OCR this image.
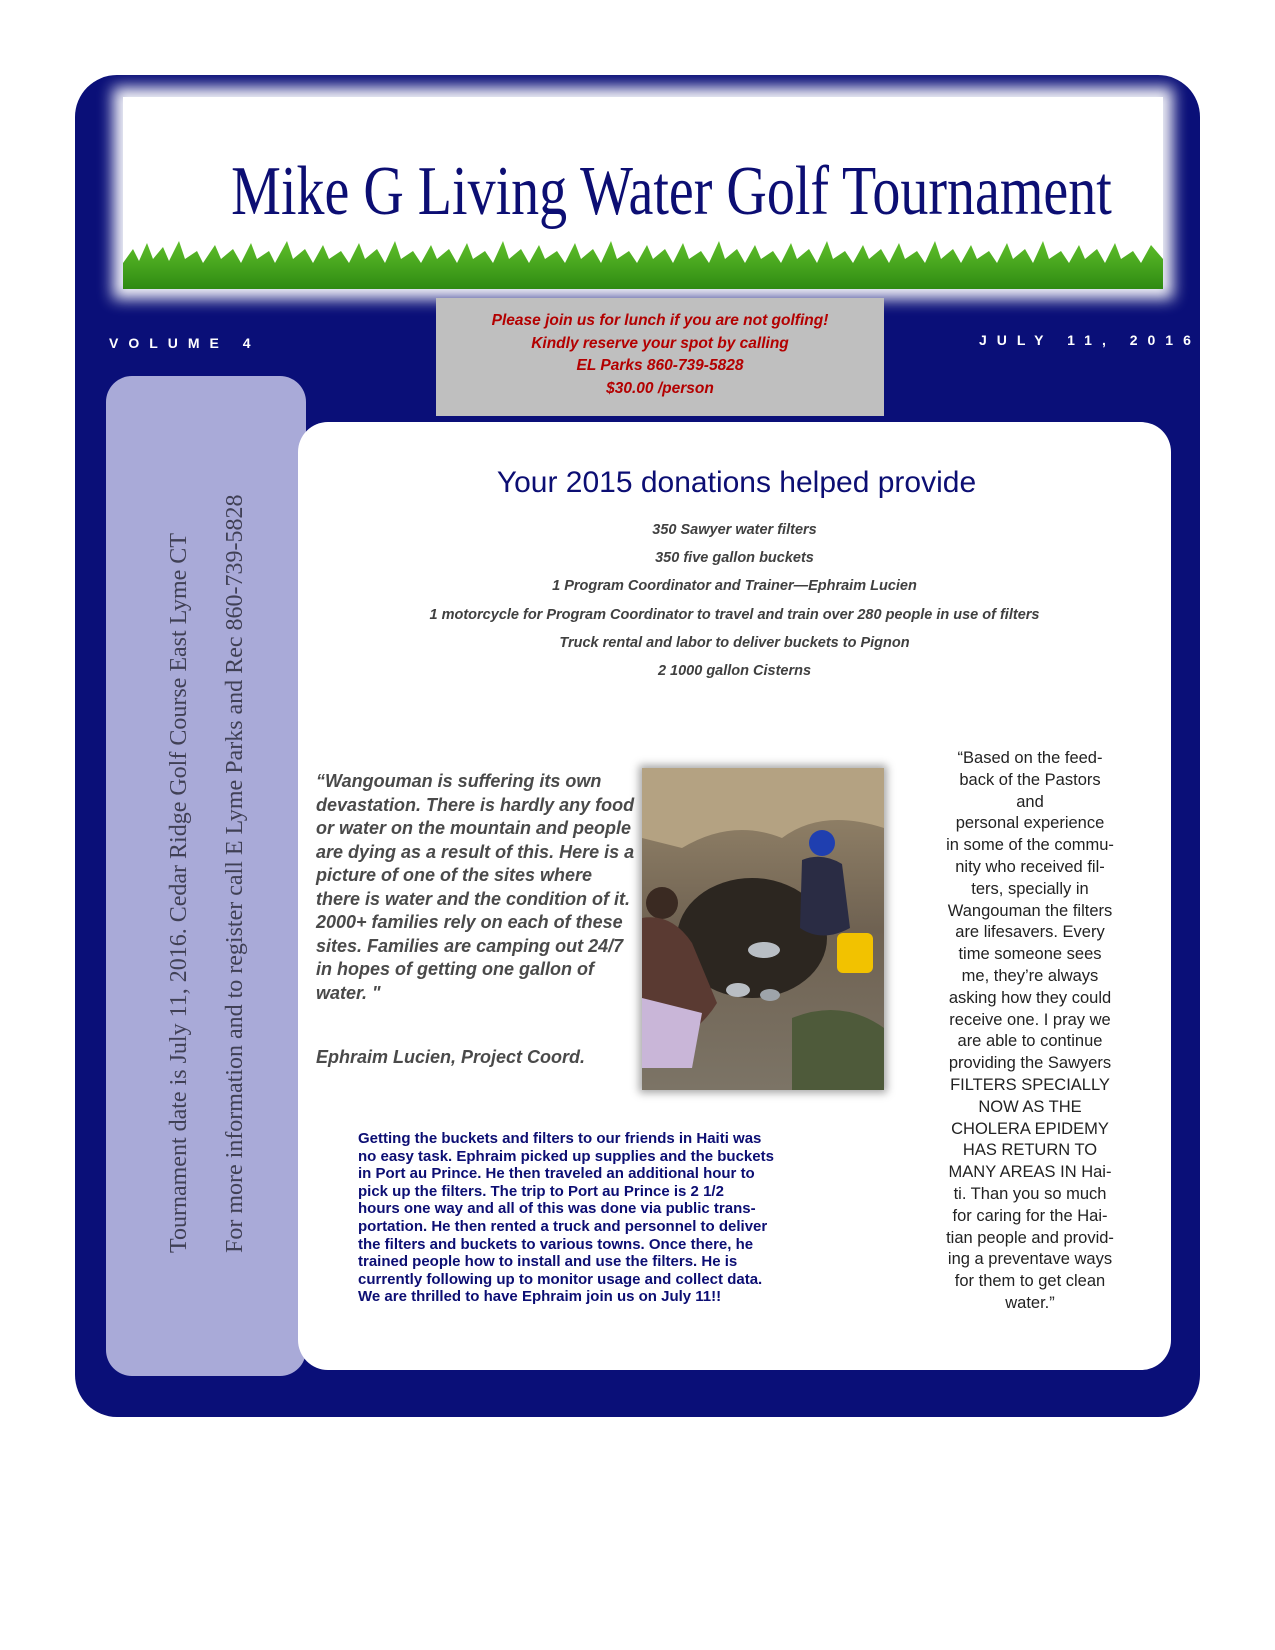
Mike G Living Water Golf Tournament
VOLUME 4	JULY 11, 2016
Please join us for lunch if you are not golfing!
Kindly reserve your spot by calling
EL Parks 860-739-5828
$30.00 /person
Tournament date is July 11, 2016. Cedar Ridge Golf Course East Lyme CT	For more information and to register call E Lyme Parks and Rec 860-739-5828
Your 2015 donations helped provide
350 Sawyer water filters
350 five gallon buckets
1 Program Coordinator and Trainer—Ephraim Lucien
1 motorcycle for Program Coordinator to travel and train over 280 people in use of filters
Truck rental and labor to deliver buckets to Pignon
2 1000 gallon Cisterns
“Wangouman is suffering its own devastation. There is hardly any food or water on the mountain and people are dying as a result of this. Here is a picture of one of the sites where there is water and the condition of it. 2000+ families rely on each of these sites. Families are camping out 24/7 in hopes of getting one gallon of water. "
Ephraim Lucien, Project Coord.
Getting the buckets and filters to our friends in Haiti was
no easy task. Ephraim picked up supplies and the buckets
in Port au Prince. He then traveled an additional hour to
pick up the filters. The trip to Port au Prince is 2 1/2
hours one way and all of this was done via public trans-
portation. He then rented a truck and personnel to deliver
the filters and buckets to various towns. Once there, he
trained people how to install and use the filters. He is
currently following up to monitor usage and collect data.
We are thrilled to have Ephraim join us on July 11!!
“Based on the feed-
back of the Pastors
and
personal experience
in some of the commu-
nity who received fil-
ters, specially in
Wangouman the filters
are lifesavers. Every
time someone sees
me, they’re always
asking how they could
receive one. I pray we
are able to continue
providing the Sawyers
FILTERS SPECIALLY
NOW AS THE
CHOLERA EPIDEMY
HAS RETURN TO
MANY AREAS IN Hai-
ti. Than you so much
for caring for the Hai-
tian people and provid-
ing a preventave ways
for them to get clean
water.”
